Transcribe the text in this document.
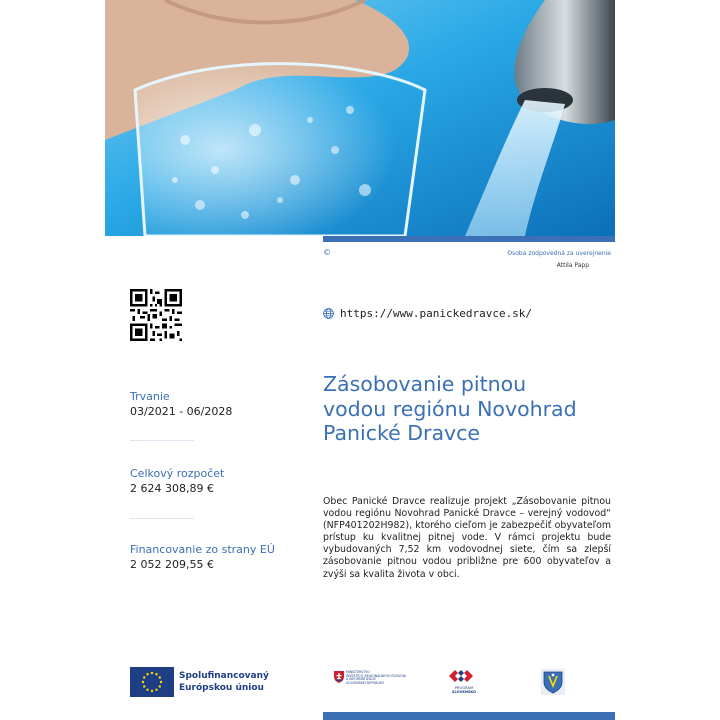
©	Osoba zodpovedná za uverejnenie
Attila Papp
https://www.panickedravce.sk/
Trvanie
03/2021 - 06/2028
Celkový rozpočet
2 624 308,89 €
Financovanie zo strany EÚ
2 052 209,55 €
Zásobovanie pitnou vodou regiónu Novohrad Panické Dravce
Obec Panické Dravce realizuje projekt „Zásobovanie pitnou vodou regiónu Novohrad Panické Dravce – verejný vodovod“ (NFP401202H982), ktorého cieľom je zabezpečiť obyvateľom prístup ku kvalitnej pitnej vode. V rámci projektu bude vybudovaných 7,52 km vodovodnej siete, čím sa zlepší zásobovanie pitnou vodou približne pre 600 obyvateľov a zvýši sa kvalita života v obci.
Spolufinancovaný
Európskou úniou
MINISTERSTVO
INVESTÍCIÍ, REGIONÁLNEHO ROZVOJA
A INFORMATIZÁCIE
SLOVENSKEJ REPUBLIKY
PROGRAM
SLOVENSKO
